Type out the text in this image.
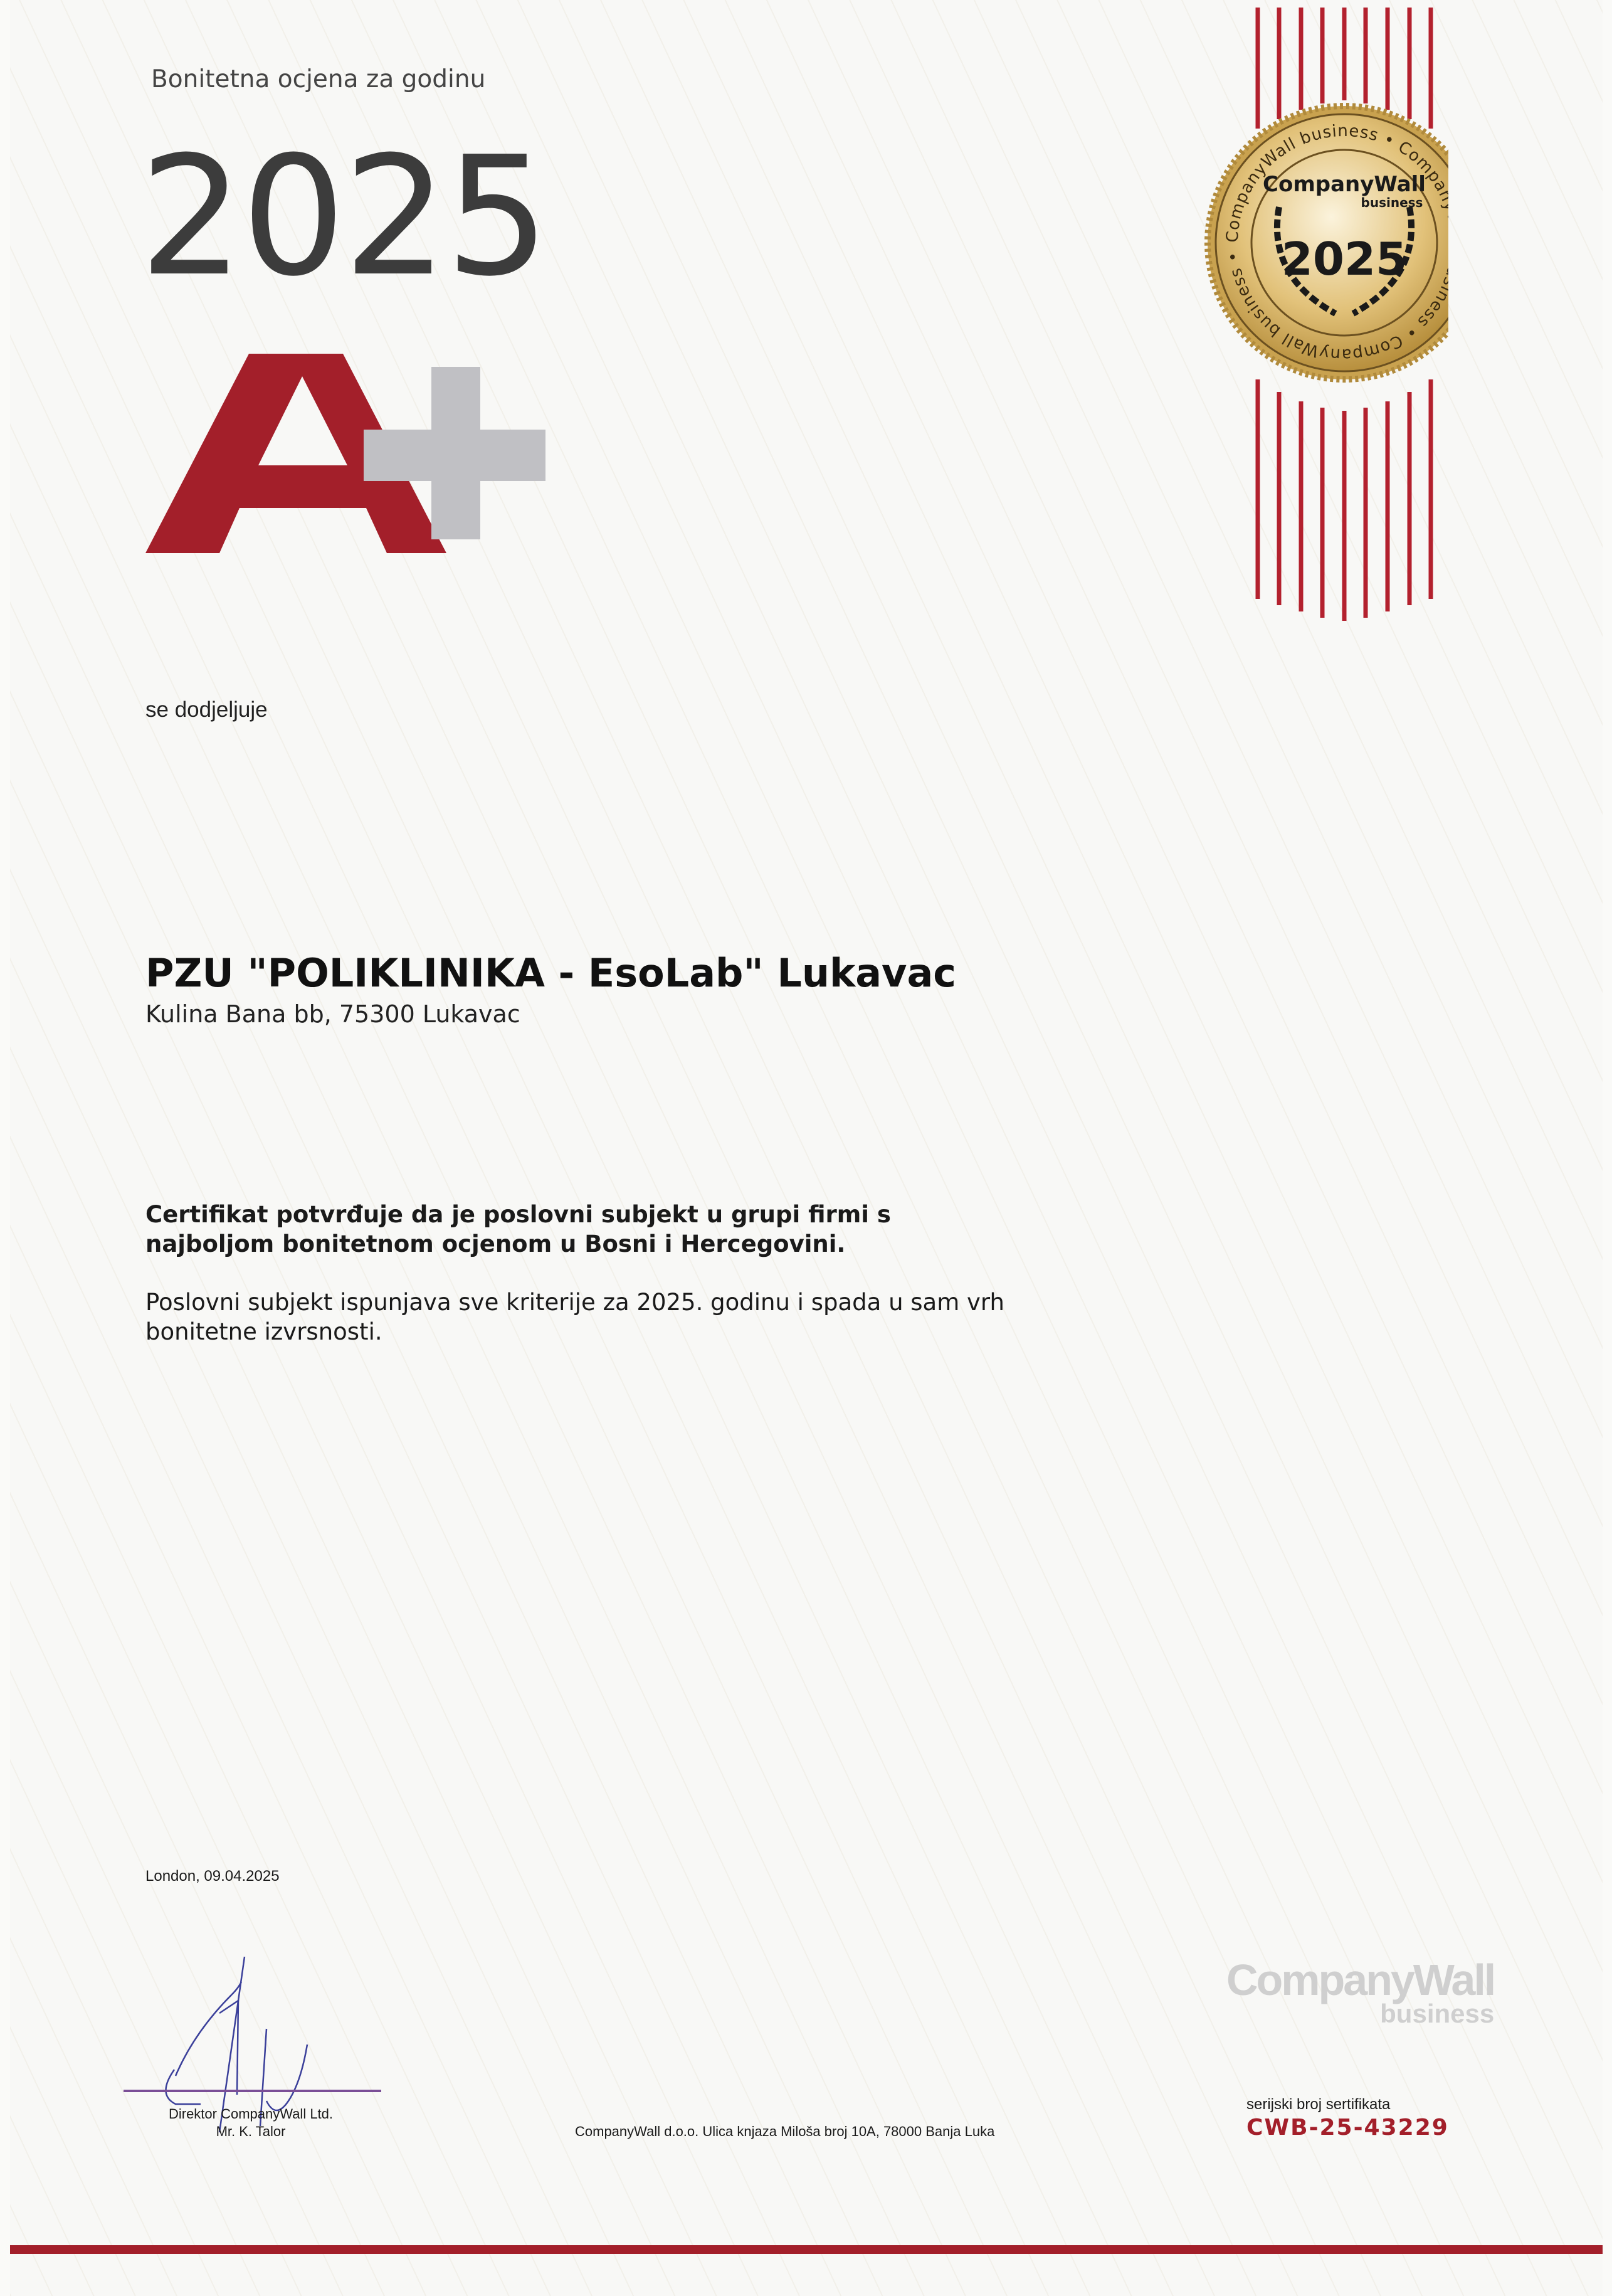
Bonitetna ocjena za godinu
2025	CompanyWall business • Comp ess • CompanyWall business •
CompanyWall
business
2025
se dodjeljuje
PZU "POLIKLINIKA - EsoLab" Lukavac
Kulina Bana bb, 75300 Lukavac
Certifikat potvrđuje da je poslovni subjekt u grupi firmi s najboljom bonitetnom ocjenom u Bosni i Hercegovini.
Poslovni subjekt ispunjava sve kriterije za 2025. godinu i spada u sam vrh bonitetne izvrsnosti.
London, 09.04.2025
Direktor CompanyWall Ltd.
Mr. K. Talor	CompanyWall d.o.o. Ulica knjaza Miloša broj 10A, 78000 Banja Luka
CompanyWall
business
serijski broj sertifikata
CWB-25-43229
